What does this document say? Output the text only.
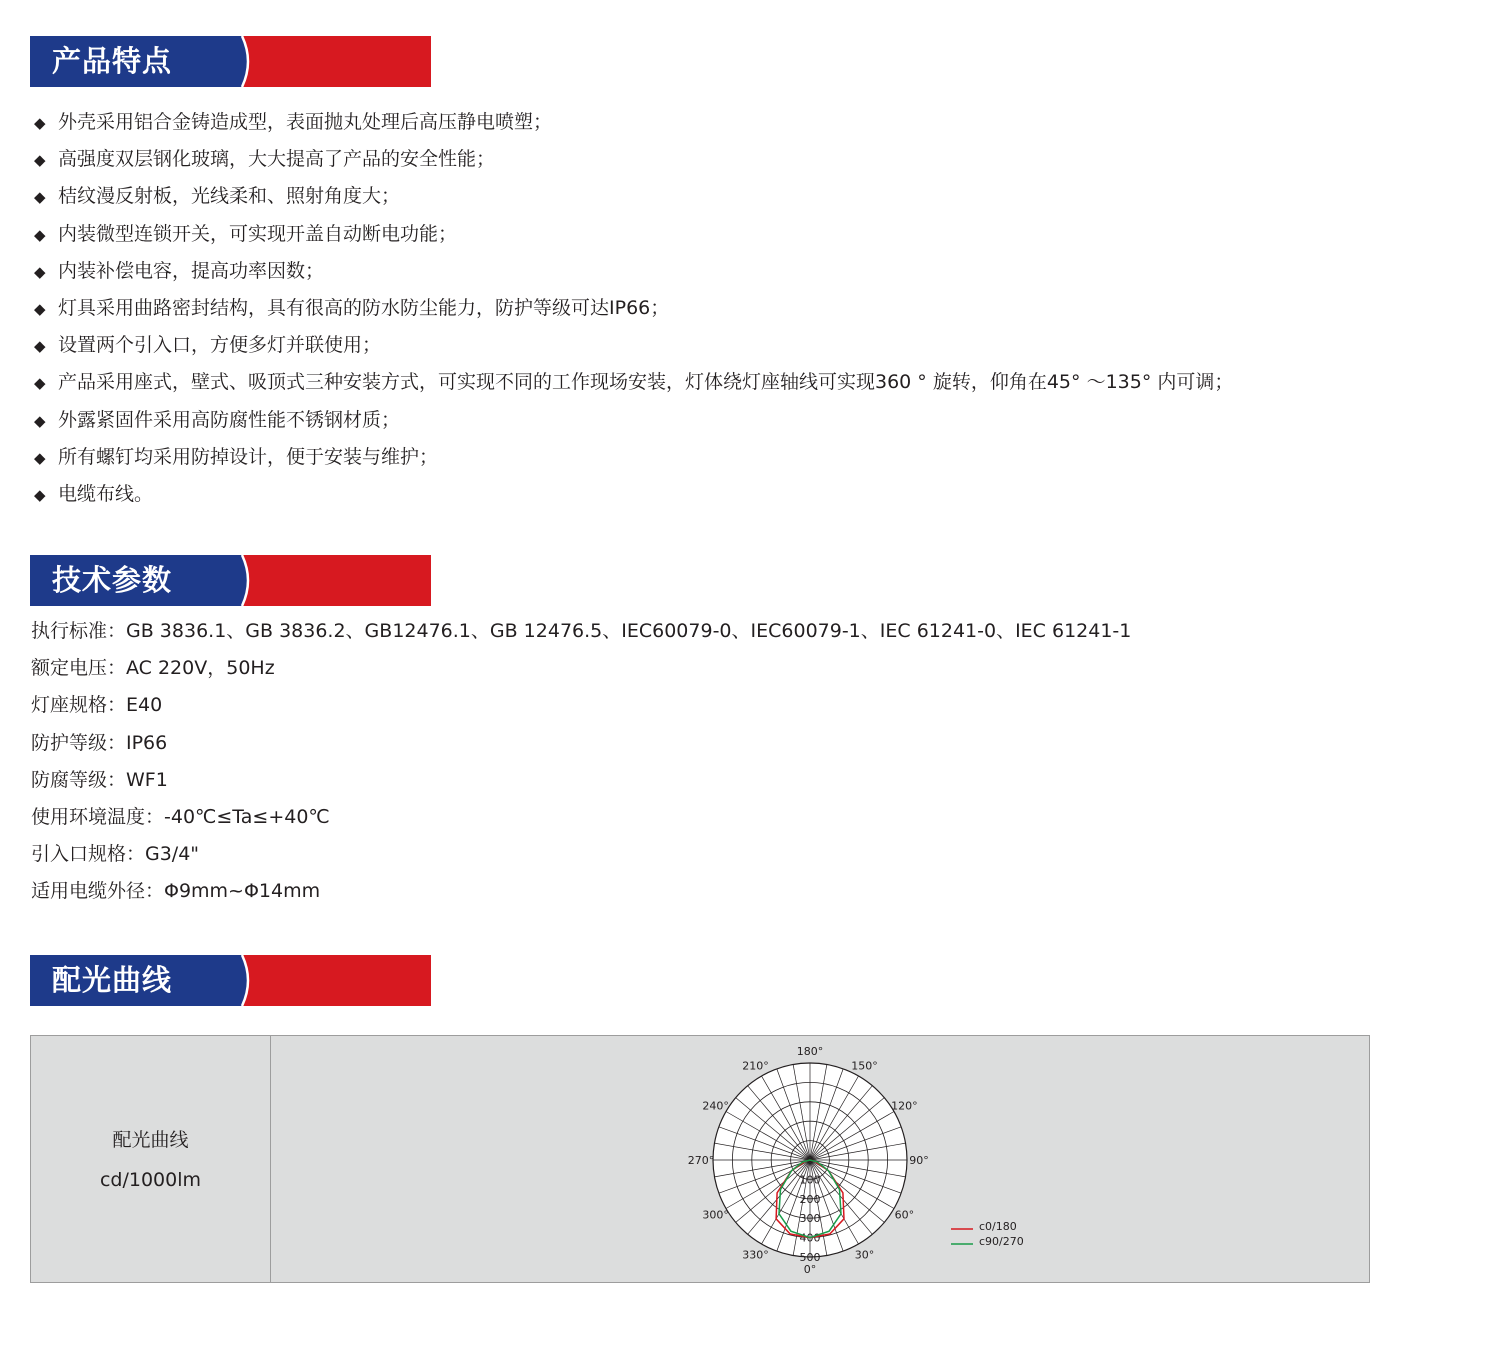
产品特点
◆ 外壳采用铝合金铸造成型，表面抛丸处理后高压静电喷塑；
◆ 高强度双层钢化玻璃，大大提高了产品的安全性能；
◆ 桔纹漫反射板，光线柔和、照射角度大；
◆ 内装微型连锁开关，可实现开盖自动断电功能；
◆ 内装补偿电容，提高功率因数；
◆ 灯具采用曲路密封结构，具有很高的防水防尘能力，防护等级可达IP66；
◆ 设置两个引入口，方便多灯并联使用；
◆ 产品采用座式，壁式、吸顶式三种安装方式，可实现不同的工作现场安装，灯体绕灯座轴线可实现360 ° 旋转，仰角在45° ～135° 内可调；
◆ 外露紧固件采用高防腐性能不锈钢材质；
◆ 所有螺钉均采用防掉设计，便于安装与维护；
◆ 电缆布线。
技术参数
执行标准：GB 3836.1、GB 3836.2、GB12476.1、GB 12476.5、IEC60079-0、IEC60079-1、IEC 61241-0、IEC 61241-1
额定电压：AC 220V，50Hz
灯座规格：E40
防护等级：IP66
防腐等级：WF1
使用环境温度：-40℃≤Ta≤+40℃
引入口规格：G3/4"
适用电缆外径：Φ9mm~Φ14mm
配光曲线
配光曲线
cd/1000lm
180°
150°
120°
90°
60°
30°
0°
330°
300°
270°
240°
210°
0
100
200
300
400
500
c0/180
c90/270
